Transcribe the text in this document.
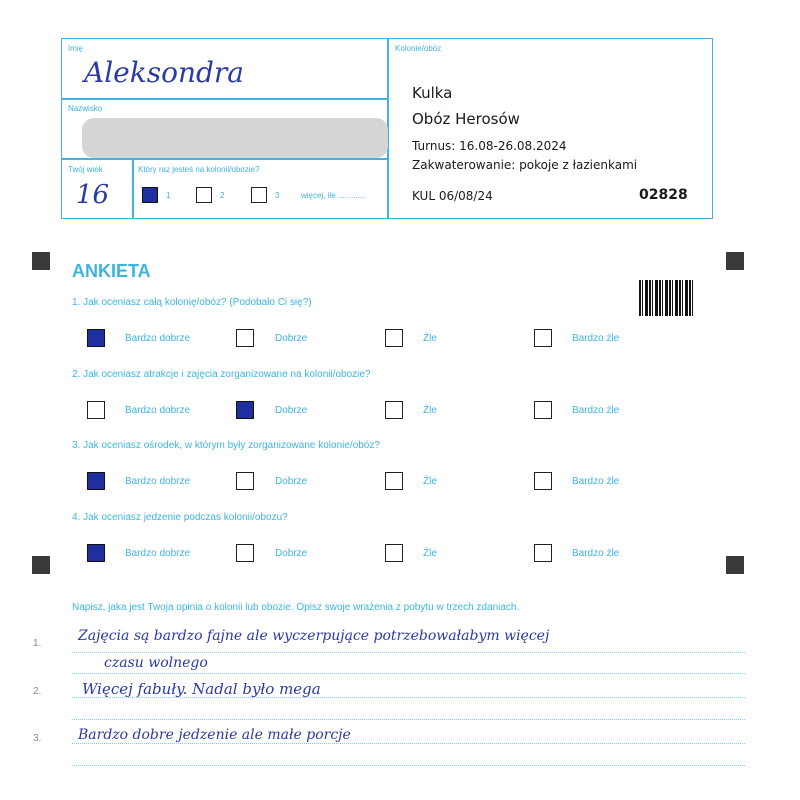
Imię
Aleksondra
Nazwisko
Twój wiek
16
Który raz jesteś na kolonii/obozie?
1	2	3	więcej, ile ............
Kolonie/obóz
Kulka
Obóz Herosów
Turnus: 16.08-26.08.2024
Zakwaterowanie: pokoje z łazienkami
KUL 06/08/24	02828
ANKIETA
1. Jak oceniasz całą kolonię/obóz? (Podobało Ci się?)
Bardzo dobrze	Dobrze	Źle	Bardzo źle
2. Jak oceniasz atrakcje i zajęcia zorganizowane na kolonii/obozie?
Bardzo dobrze	Dobrze	Źle	Bardzo źle
3. Jak oceniasz ośrodek, w którym były zorganizowane kolonie/obóz?
Bardzo dobrze	Dobrze	Źle	Bardzo źle
4. Jak oceniasz jedzenie podczas kolonii/obozu?
Bardzo dobrze	Dobrze	Źle	Bardzo źle
Napisz, jaka jest Twoja opinia o kolonii lub obozie. Opisz swoje wrażenia z pobytu w trzech zdaniach.
1.	Zajęcia są bardzo fajne ale wyczerpujące potrzebowałabym więcej
czasu wolnego
2.	Więcej fabuły. Nadal było mega
3.	Bardzo dobre jedzenie ale małe porcje
